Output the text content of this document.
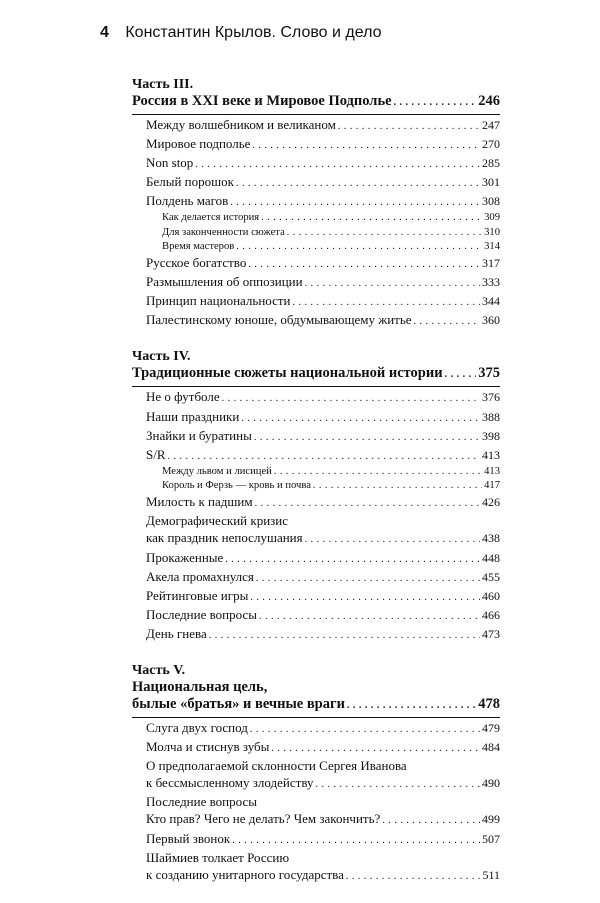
4 Константин Крылов. Слово и дело
Часть III.
Россия в XXI веке и Мировое Подполье . . .	246
Между волшебником и великаном . . .	247
Мировое подполье . . .	270
Non stop . . .	285
Белый порошок . . .	301
Полдень магов . . .	308
Как делается история . . .	309
Для законченности сюжета . . .	310
Время мастеров . . .	314
Русское богатство . . .	317
Размышления об оппозиции . . .	333
Принцип национальности . . .	344
Палестинскому юноше, обдумывающему житье . . .	360
Часть IV.
Традиционные сюжеты национальной истории . . . 375
Не о футболе . . .	376
Наши праздники . . .	388
Знайки и буратины . . .	398
S/R . . .	413
Между львом и лисицей . . .	413
Король и Ферзь — кровь и почва . . .	417
Милость к падшим . . .	426
Демографический кризис
как праздник непослушания . . .	438
Прокаженные . . .	448
Акела промахнулся . . .	455
Рейтинговые игры . . .	460
Последние вопросы . . .	466
День гнева . . .	473
Часть V.
Национальная цель,
былые «братья» и вечные враги . . .	478
Слуга двух господ . . .	479
Молча и стиснув зубы . . .	484
О предполагаемой склонности Сергея Иванова
к бессмысленному злодейству . . .	490
Последние вопросы
Кто прав? Чего не делать? Чем закончить? . . .	499
Первый звонок . . .	507
Шаймиев толкает Россию
к созданию унитарного государства . . .	511
